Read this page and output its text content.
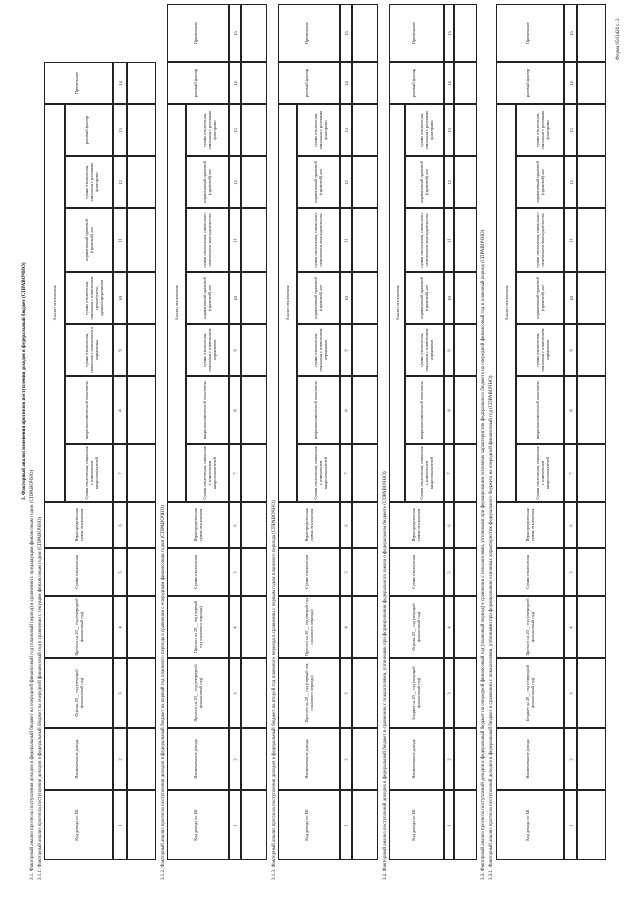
Форма 0503426 с. 2
3. Факторный анализ изменения прогнозов поступления доходов в федеральный бюджет (СПРАВОЧНО)
3.1. Факторный анализ прогноза поступления доходов в федеральный бюджет на очередной финансовый год (плановый период) в сравнении с предыдущим финансовым годом (СПРАВОЧНО) 3.1.1. Факторный анализ прогноза поступления доходов в федеральный бюджет на очередной финансовый год в сравнении с текущим финансовым годом (СПРАВОЧНО)	Код дохода по БК	1
Наименование дохода	2
Оценка 20__ год (текущий финансовый год)	3
Прогноз на 20__ год (очередной финансовый год)	4
Сумма отклонения	5
Нераспределенная сумма отклонения	6
Сумма отклонения, связанная с изменением макропоказателей	7
макроэкономический показатель	8
сумма отклонения, связанная с изменением в нормативах	9
сумма отклонения, связанная с изменением сроков/учета, администрирования	10
нормативный правовой (правовой) акт	11
сумма отклонения, связанная с разовыми факторами	12
разовый фактор	13
Примечание	14
Анализ отклонения
3.1.2. Факторный анализ прогноза поступления доходов в федеральный бюджет на первый год планового периода в сравнении с очередным финансовым годом (СПРАВОЧНО)	Код дохода по БК	1
Наименование дохода	2
Прогноз на 20__ год (очередной финансовый год)	3
Прогноз на 20__ год (первый год планового периода)	4
Сумма отклонения	5
Нераспределенная сумма отклонения	6
Сумма отклонения, связанная с изменением макропоказателей	7
макроэкономический показатель	8
сумма отклонения, связанная с изменением нормативов	9
нормативный правовой (правовой) акт	10
сумма отклонения, связанная с изменением законодательства	11
нормативный правовой (правовой) акт	12
сумма отклонения, связанная с разовыми факторами	13
разовый фактор	14
Примечание	15
Анализ отклонения
3.1.3. Факторный анализ прогноза поступления доходов в федеральный бюджет на второй год планового периода в сравнении с первым годом планового периода (СПРАВОЧНО)	Код дохода по БК	1
Наименование дохода	2
Прогноз на 20__ год (первый год планового периода)	3
Прогноз на 20__ год (второй год планового периода)	4
Сумма отклонения	5
Нераспределенная сумма отклонения	6
Сумма отклонения, связанная с изменением макропоказателей	7
макроэкономический показатель	8
сумма отклонения, связанная с изменением нормативов	9
нормативный правовой (правовой) акт	10
сумма отклонения, связанная с изменением законодательства	11
нормативный правовой (правовой) акт	12
сумма отклонения, связанная с разовыми факторами	13
разовый фактор	14
Примечание	15
Анализ отклонения
3.2. Факторный анализ поступлений доходов в федеральный бюджет в сравнении с показателями, учтенными при формировании федерального закона о федеральном бюджете (СПРАВОЧНО)	Код дохода по БК	1
Наименование дохода	2
Бюджет на 20__ год (текущий финансовый год)	3
Оценка 20__ год (текущий финансовый год)	4
Сумма отклонения	5
Нераспределенная сумма отклонения	6
Сумма отклонения, связанная с изменением макропоказателей	7
макроэкономический показатель	8
сумма отклонения, связанная с изменением нормативов	9
нормативный правовой (правовой) акт	10
сумма отклонения, связанная с изменением законодательства	11
нормативный правовой (правовой) акт	12
сумма отклонения, связанная с разовыми факторами	13
разовый фактор	14
Примечание	15
Анализ отклонения	3.3. Факторный анализ прогноза поступлений доходов в федеральный бюджет на очередной финансовый год (плановый период) в сравнении с показателями, учтенными при формировании основных характеристик федерального бюджета на очередной финансовый год и плановый период (СПРАВОЧНО) 3.3.1. Факторный анализ прогноза поступлений доходов в федеральный бюджет в сравнении с показателями, учтенными при формировании основных характеристик федерального бюджета на очередной финансовый год (СПРАВОЧНО)	Код дохода по БК	1
Наименование дохода	2
Бюджет на 20__ год (очередной финансовый год)	3
Прогноз на 20__ год (очередной финансовый год)	4
Сумма отклонения	5
Нераспределенная сумма отклонения	6
Сумма отклонения, связанная с изменением макропоказателей	7
макроэкономический показатель	8
сумма отклонения, связанная с изменением нормативов	9
нормативный правовой (правовой) акт	10
сумма отклонения, связанная с изменением законодательства	11
нормативный правовой (правовой) акт	12
сумма отклонения, связанная с разовыми факторами	13
разовый фактор	14
Примечание	15
Анализ отклонения
